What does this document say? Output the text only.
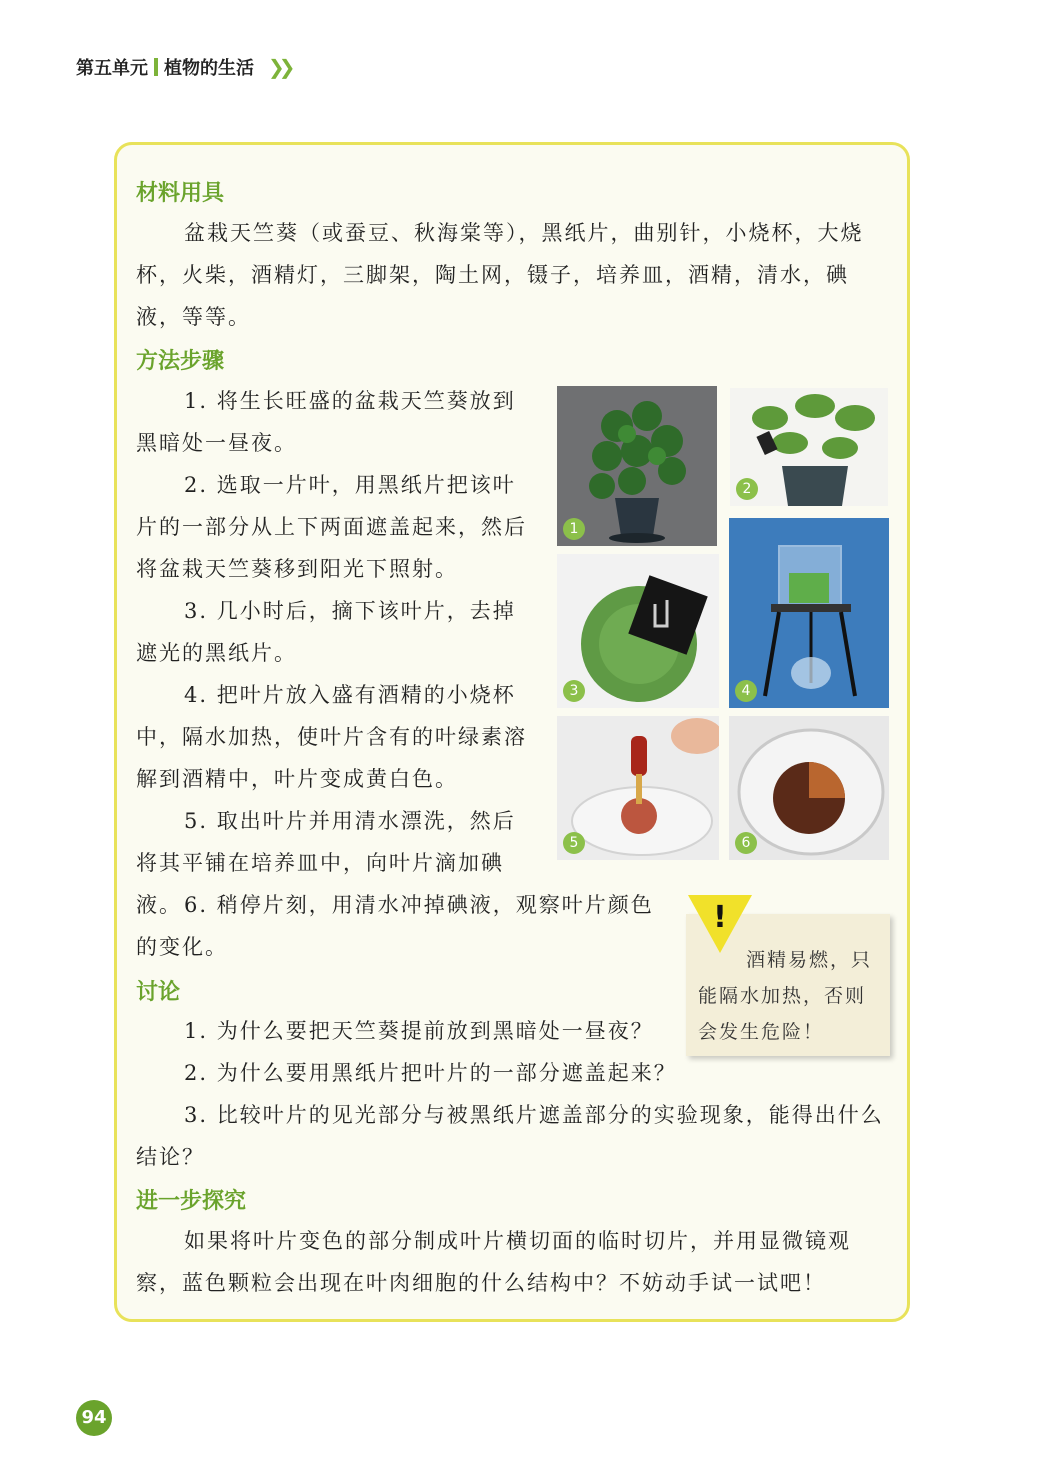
第五单元 植物的生活 ❯❯
材料用具
盆栽天竺葵（或蚕豆、秋海棠等），黑纸片，曲别针，小烧杯，大烧杯，火柴，酒精灯，三脚架，陶土网，镊子，培养皿，酒精，清水，碘液，等等。
方法步骤
1. 将生长旺盛的盆栽天竺葵放到黑暗处一昼夜。
2. 选取一片叶，用黑纸片把该叶片的一部分从上下两面遮盖起来，然后将盆栽天竺葵移到阳光下照射。
3. 几小时后，摘下该叶片，去掉遮光的黑纸片。
4. 把叶片放入盛有酒精的小烧杯中，隔水加热，使叶片含有的叶绿素溶解到酒精中，叶片变成黄白色。
5. 取出叶片并用清水漂洗，然后将其平铺在培养皿中，向叶片滴加碘液。 6. 稍停片刻，用清水冲掉碘液，观察叶片颜色的变化。
1
2
3	4
5	6
酒精易燃，只能隔水加热，否则会发生危险！
!
讨论
1. 为什么要把天竺葵提前放到黑暗处一昼夜？
2. 为什么要用黑纸片把叶片的一部分遮盖起来？
3. 比较叶片的见光部分与被黑纸片遮盖部分的实验现象，能得出什么结论？
进一步探究
如果将叶片变色的部分制成叶片横切面的临时切片，并用显微镜观察，蓝色颗粒会出现在叶肉细胞的什么结构中？不妨动手试一试吧！
94
